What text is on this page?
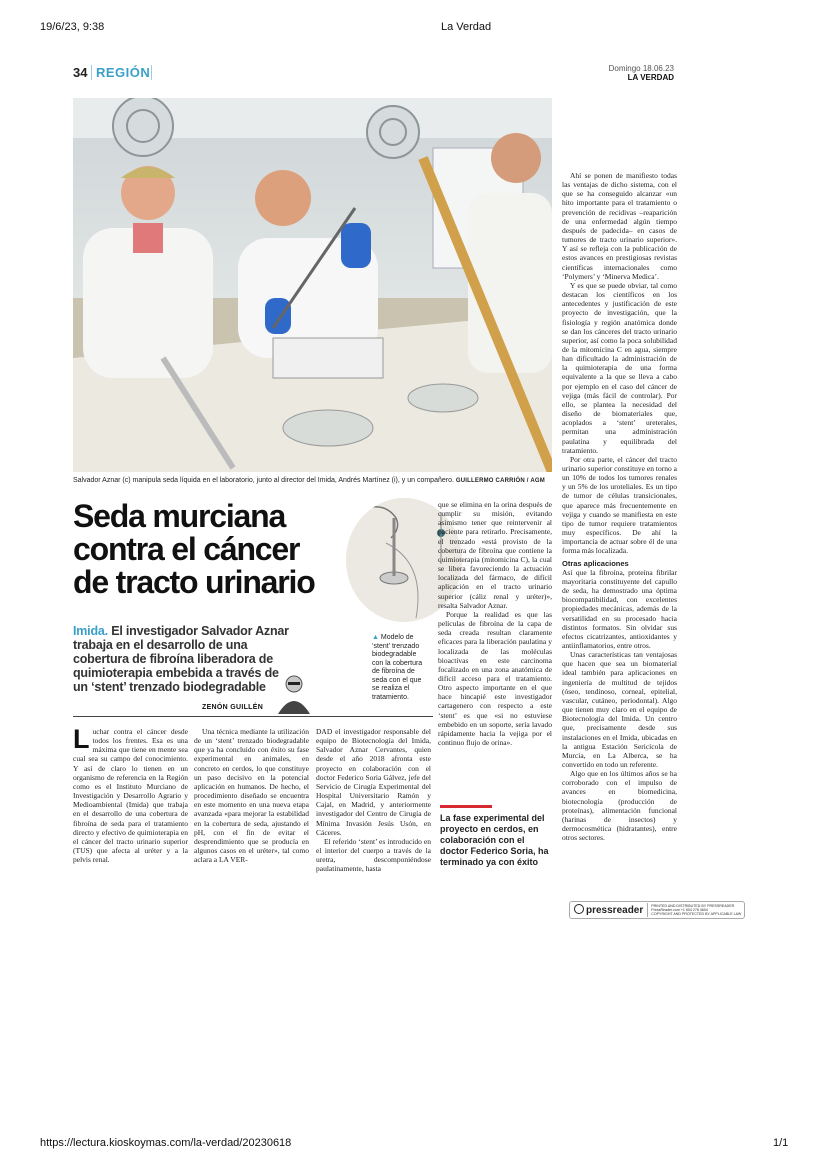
19/6/23, 9:38	La Verdad
34 REGIÓN	Domingo 18.06.23
LA VERDAD
Salvador Aznar (c) manipula seda líquida en el laboratorio, junto al director del Imida, Andrés Martínez (i), y un compañero. GUILLERMO CARRIÓN / AGM
Seda murciana
contra el cáncer
de tracto urinario
▲ Modelo de ‘stent’ trenzado biodegradable con la cobertura de fibroína de seda con el que se realiza el tratamiento.
Imida. El investigador Salvador Aznar trabaja en el desarrollo de una cobertura de fibroína liberadora de quimioterapia embebida a través de un ‘stent’ trenzado biodegradable
ZENÓN GUILLÉN

Luchar contra el cáncer desde todos los frentes. Esa es una máxima que tiene en mente sea cual sea su campo del conocimiento. Y así de claro lo tienen en un organismo de referencia en la Región como es el Instituto Murciano de Investigación y Desarrollo Agrario y Medioambiental (Imida) que trabaja en el desarrollo de una cobertura de fibroína de seda para el tratamiento directo y efectivo de quimioterapia en el cáncer del tracto urinario superior (TUS) que afecta al uréter y a la pelvis renal.

Una técnica mediante la utilización de un ‘stent’ trenzado biodegradable que ya ha concluido con éxito su fase experimental en animales, en concreto en cerdos, lo que constituye un paso decisivo en la potencial aplicación en humanos. De hecho, el procedimiento diseñado se encuentra en este momento en una nueva etapa avanzada «para mejorar la estabilidad en la cobertura de seda, ajustando el pH, con el fin de evitar el desprendimiento que se producía en algunos casos en el uréter», tal como aclara a LA VER-

DAD el investigador responsable del equipo de Biotecnología del Imida, Salvador Aznar Cervantes, quien desde el año 2018 afronta este proyecto en colaboración con el doctor Federico Soria Gálvez, jefe del Servicio de Cirugía Experimental del Hospital Universitario Ramón y Cajal, en Madrid, y anteriormente investigador del Centro de Cirugía de Mínima Invasión Jesús Usón, en Cáceres.

El referido ‘stent’ es introducido en el interior del cuerpo a través de la uretra, descomponiéndose paulatinamente, hasta

que se elimina en la orina después de cumplir su misión, evitando asimismo tener que reintervenir al paciente para retirarlo. Precisamente, el trenzado «está provisto de la cobertura de fibroína que contiene la quimioterapia (mitomicina C), la cual se libera favoreciendo la actuación localizada del fármaco, de difícil aplicación en el tracto urinario superior (cáliz renal y uréter)», resalta Salvador Aznar.

Porque la realidad es que las películas de fibroína de la capa de seda creada resultan claramente eficaces para la liberación paulatina y localizada de las moléculas bioactivas en este carcinoma focalizado en una zona anatómica de difícil acceso para el tratamiento. Otro aspecto importante en el que hace hincapié este investigador cartagenero con respecto a este ‘stent’ es que «si no estuviese embebido en un soporte, sería lavado rápidamente hacia la vejiga por el continuo flujo de orina».

La fase experimental del proyecto en cerdos, en colaboración con el doctor Federico Soria, ha terminado ya con éxito

Ahí se ponen de manifiesto todas las ventajas de dicho sistema, con el que se ha conseguido alcanzar «un hito importante para el tratamiento o prevención de recidivas –reaparición de una enfermedad algún tiempo después de padecida– en casos de tumores de tracto urinario superior». Y así se refleja con la publicación de estos avances en prestigiosas revistas científicas internacionales como ‘Polymers’ y ‘Minerva Medica’.

Y es que se puede obviar, tal como destacan los científicos en los antecedentes y justificación de este proyecto de investigación, que la fisiología y región anatómica donde se dan los cánceres del tracto urinario superior, así como la poca solubilidad de la mitomicina C en agua, siempre han dificultado la administración de la quimioterapia de una forma equivalente a la que se lleva a cabo por ejemplo en el caso del cáncer de vejiga (más fácil de controlar). Por ello, se plantea la necesidad del diseño de biomateriales que, acoplados a ‘stent’ ureterales, permitan una administración paulatina y equilibrada del tratamiento.

Por otra parte, el cáncer del tracto urinario superior constituye en torno a un 10% de todos los tumores renales y un 5% de los uroteliales. Es un tipo de tumor de células transicionales, que aparece más frecuentemente en vejiga y cuando se manifiesta en este tipo de tumor requiere tratamientos muy específicos. De ahí la importancia de actuar sobre él de una forma más localizada.

Otras aplicaciones

Así que la fibroína, proteína fibrilar mayoritaria constituyente del capullo de seda, ha demostrado una óptima biocompatibilidad, con excelentes propiedades mecánicas, además de la versatilidad en su procesado hacia distintos formatos. Sin olvidar sus efectos cicatrizantes, antioxidantes y antiinflamatorios, entre otros.

Unas características tan ventajosas que hacen que sea un biomaterial ideal también para aplicaciones en ingeniería de multitud de tejidos (óseo, tendinoso, corneal, epitelial, vascular, cutáneo, periodontal). Algo que tienen muy claro en el equipo de Biotecnología del Imida. Un centro que, precisamente desde sus instalaciones en el Imida, ubicadas en la antigua Estación Sericícola de Murcia, en La Alberca, se ha convertido en todo un referente.

Algo que en los últimos años se ha corroborado con el impulso de avances en biomedicina, biotecnología (producción de proteínas), alimentación funcional (harinas de insectos) y dermocosmética (hidratantes), entre otros sectores.

pressreader	PRINTED AND DISTRIBUTED BY PRESSREADER
PressReader.com +1 604 278 4604
COPYRIGHT AND PROTECTED BY APPLICABLE LAW
https://lectura.kioskoymas.com/la-verdad/20230618	1/1
